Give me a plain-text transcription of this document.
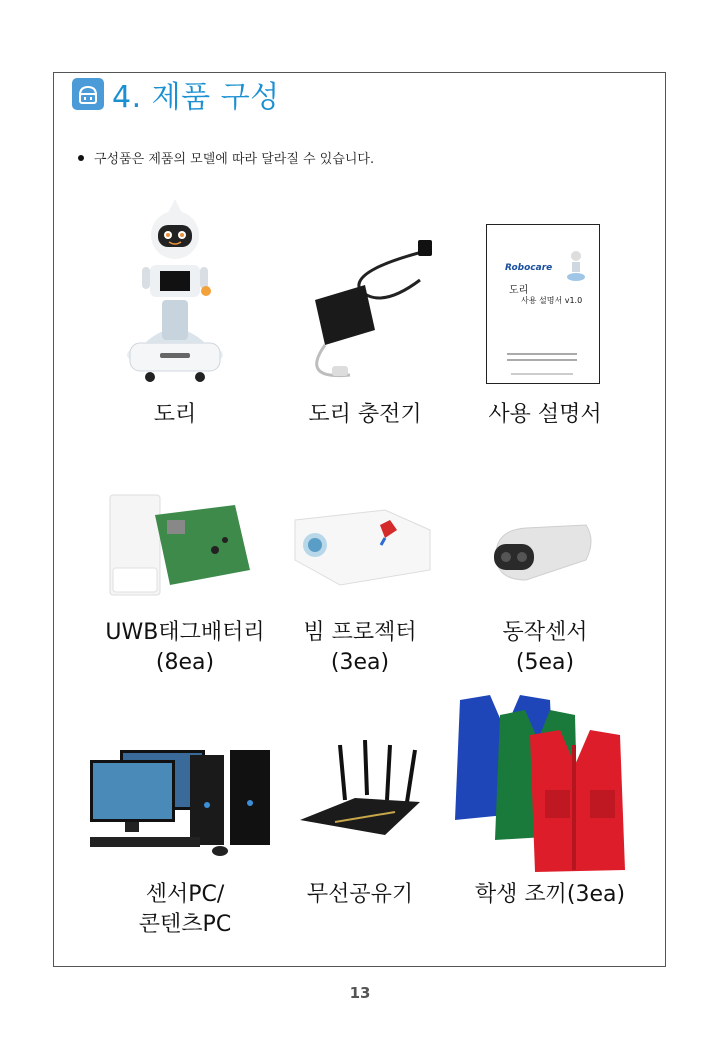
4. 제품 구성
구성품은 제품의 모델에 따라 달라질 수 있습니다.
도리	도리 충전기
Robocare
도리
사용 설명서 v1.0
사용 설명서
UWB태그배터리
(8ea)
빔 프로젝터
(3ea)
동작센서
(5ea)
센서PC/
콘텐츠PC
무선공유기	학생 조끼(3ea)
13
